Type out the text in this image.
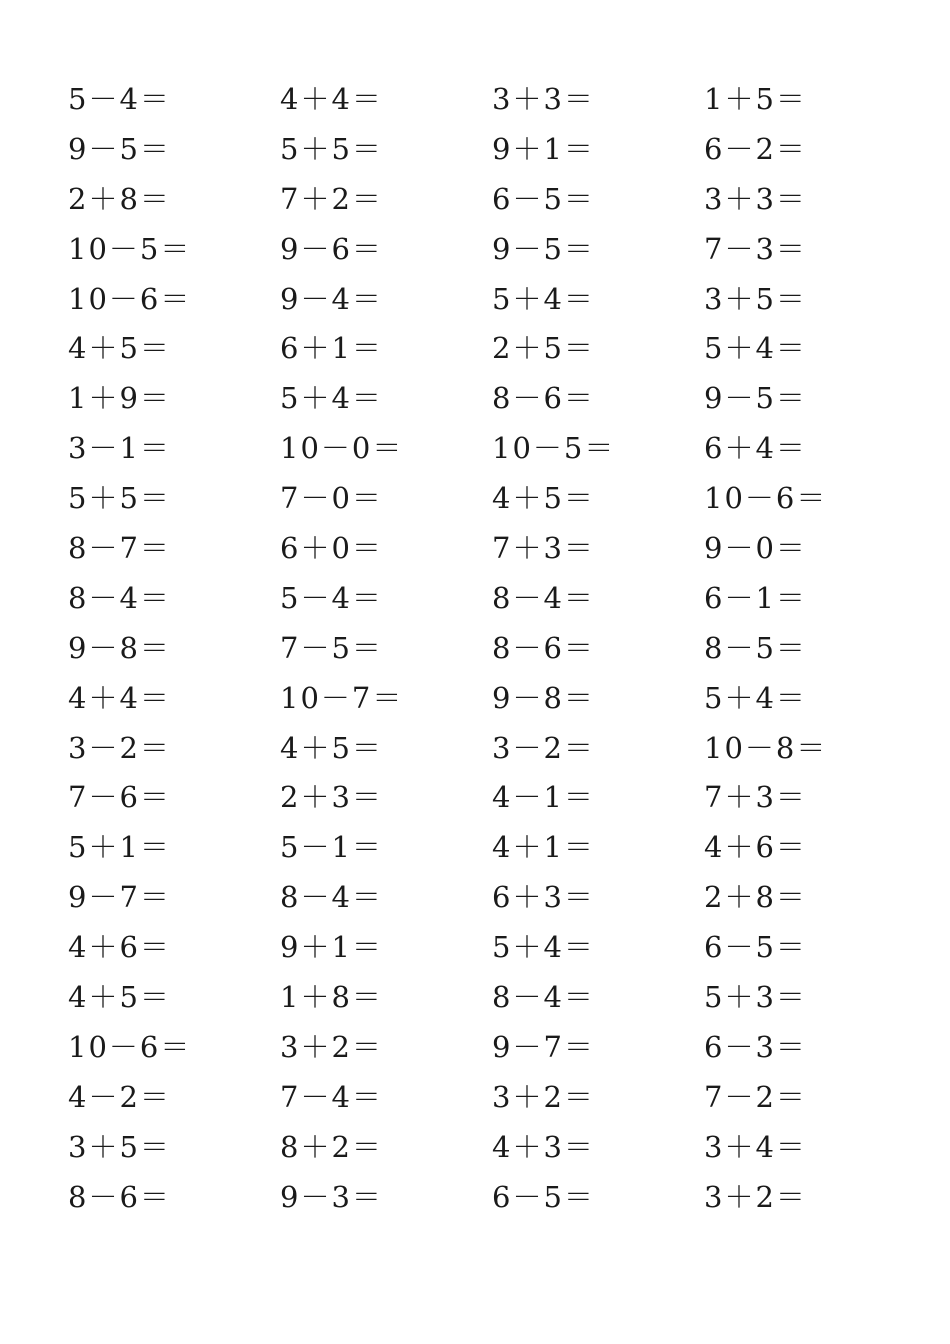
5－4＝	4＋4＝	3＋3＝	1＋5＝
9－5＝	5＋5＝	9＋1＝	6－2＝
2＋8＝	7＋2＝	6－5＝	3＋3＝
10－5＝	9－6＝	9－5＝	7－3＝
10－6＝	9－4＝	5＋4＝	3＋5＝
4＋5＝	6＋1＝	2＋5＝	5＋4＝
1＋9＝	5＋4＝	8－6＝	9－5＝
3－1＝	10－0＝	10－5＝	6＋4＝
5＋5＝	7－0＝	4＋5＝	10－6＝
8－7＝	6＋0＝	7＋3＝	9－0＝
8－4＝	5－4＝	8－4＝	6－1＝
9－8＝	7－5＝	8－6＝	8－5＝
4＋4＝	10－7＝	9－8＝	5＋4＝
3－2＝	4＋5＝	3－2＝	10－8＝
7－6＝	2＋3＝	4－1＝	7＋3＝
5＋1＝	5－1＝	4＋1＝	4＋6＝
9－7＝	8－4＝	6＋3＝	2＋8＝
4＋6＝	9＋1＝	5＋4＝	6－5＝
4＋5＝	1＋8＝	8－4＝	5＋3＝
10－6＝	3＋2＝	9－7＝	6－3＝
4－2＝	7－4＝	3＋2＝	7－2＝
3＋5＝	8＋2＝	4＋3＝	3＋4＝
8－6＝	9－3＝	6－5＝	3＋2＝
